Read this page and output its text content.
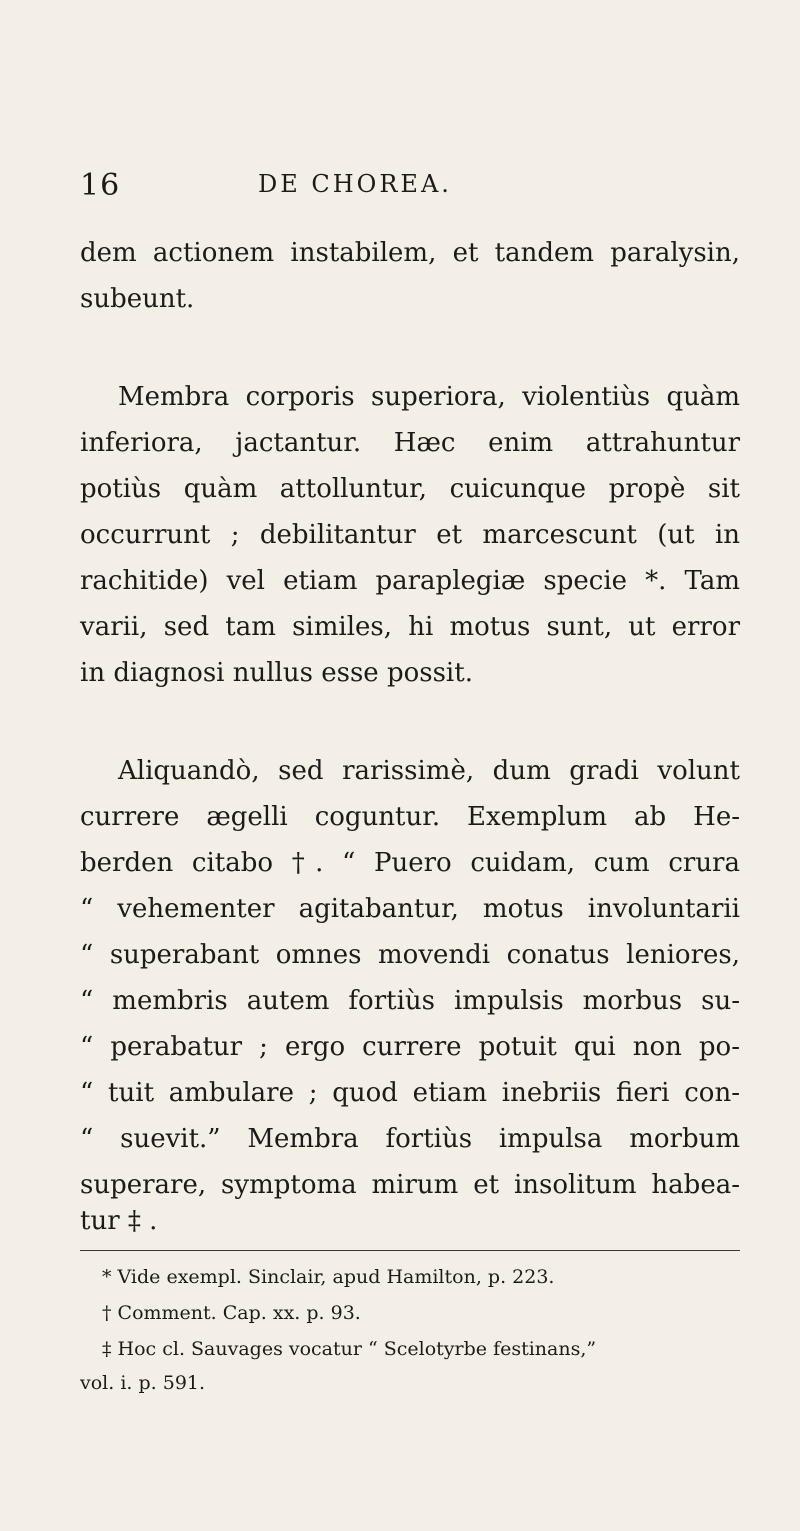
16	DE CHOREA.
dem actionem instabilem, et tandem paralysin,
subeunt.
Membra corporis superiora, violentiùs quàm
inferiora, jactantur. Hæc enim attrahuntur
potiùs quàm attolluntur, cuicunque propè sit
occurrunt ; debilitantur et marcescunt (ut in
rachitide) vel etiam paraplegiæ specie *. Tam
varii, sed tam similes, hi motus sunt, ut error
in diagnosi nullus esse possit.
Aliquandò, sed rarissimè, dum gradi volunt
currere ægelli coguntur. Exemplum ab He-
berden citabo †. “ Puero cuidam, cum crura
“ vehementer agitabantur, motus involuntarii
“ superabant omnes movendi conatus leniores,
“ membris autem fortiùs impulsis morbus su-
“ perabatur ; ergo currere potuit qui non po-
“ tuit ambulare ; quod etiam inebriis fieri con-
“ suevit.” Membra fortiùs impulsa morbum
superare, symptoma mirum et insolitum habea-
tur ‡ .
* Vide exempl. Sinclair, apud Hamilton, p. 223.
† Comment. Cap. xx. p. 93.
‡ Hoc cl. Sauvages vocatur “ Scelotyrbe festinans,”
vol. i. p. 591.
